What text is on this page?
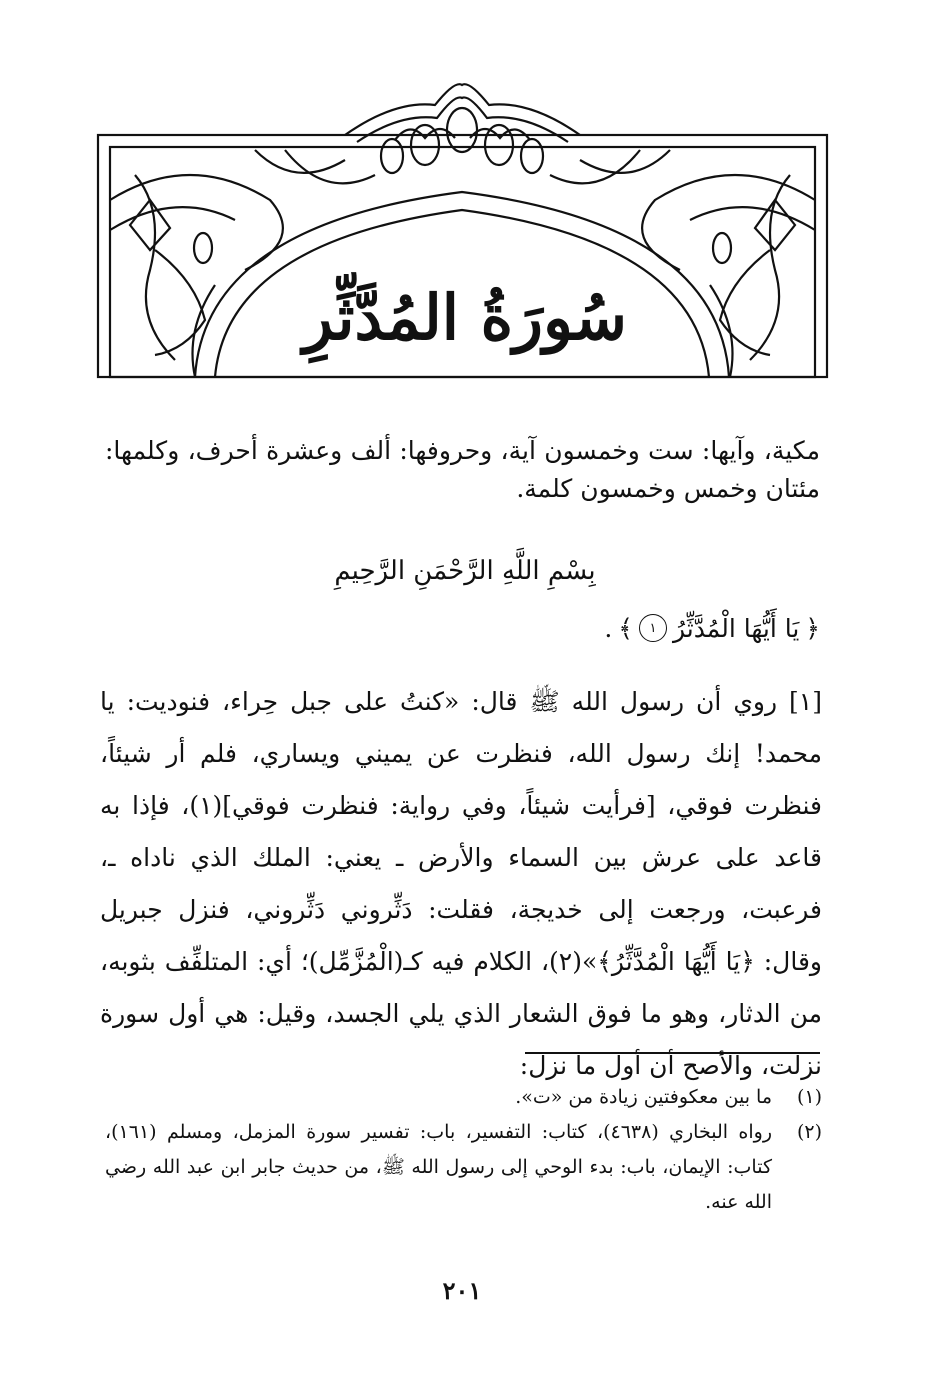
سُورَةُ المُدَّثِّرِ

مكية، وآيها: ست وخمسون آية، وحروفها: ألف وعشرة أحرف، وكلمها: مئتان وخمس وخمسون كلمة.

بِسْمِ اللَّهِ الرَّحْمَنِ الرَّحِيمِ
﴿
يَا أَيُّهَا الْمُدَّثِّرُ
١
﴾
.

[١] روي أن رسول الله ﷺ قال: «كنتُ على جبل حِراء، فنوديت: يا محمد! إنك رسول الله، فنظرت عن يميني ويساري، فلم أر شيئاً، فنظرت فوقي، [فرأيت شيئاً، وفي رواية: فنظرت فوقي](١)، فإذا به قاعد على عرش بين السماء والأرض ـ يعني: الملك الذي ناداه ـ، فرعبت، ورجعت إلى خديجة، فقلت: دَثِّروني دَثِّروني، فنزل جبريل وقال: ﴿يَا أَيُّهَا الْمُدَّثِّرُ﴾»(٢)، الكلام فيه كـ(الْمُزَّمِّل)؛ أي: المتلفِّف بثوبه، من الدثار، وهو ما فوق الشعار الذي يلي الجسد، وقيل: هي أول سورة نزلت، والأصح أن أول ما نزل:

(١)
ما بين معكوفتين زيادة من «ت».
(٢)
رواه البخاري (٤٦٣٨)، كتاب: التفسير، باب: تفسير سورة المزمل، ومسلم (١٦١)، كتاب: الإيمان، باب: بدء الوحي إلى رسول الله ﷺ، من حديث جابر ابن عبد الله رضي الله عنه.
٢٠١
